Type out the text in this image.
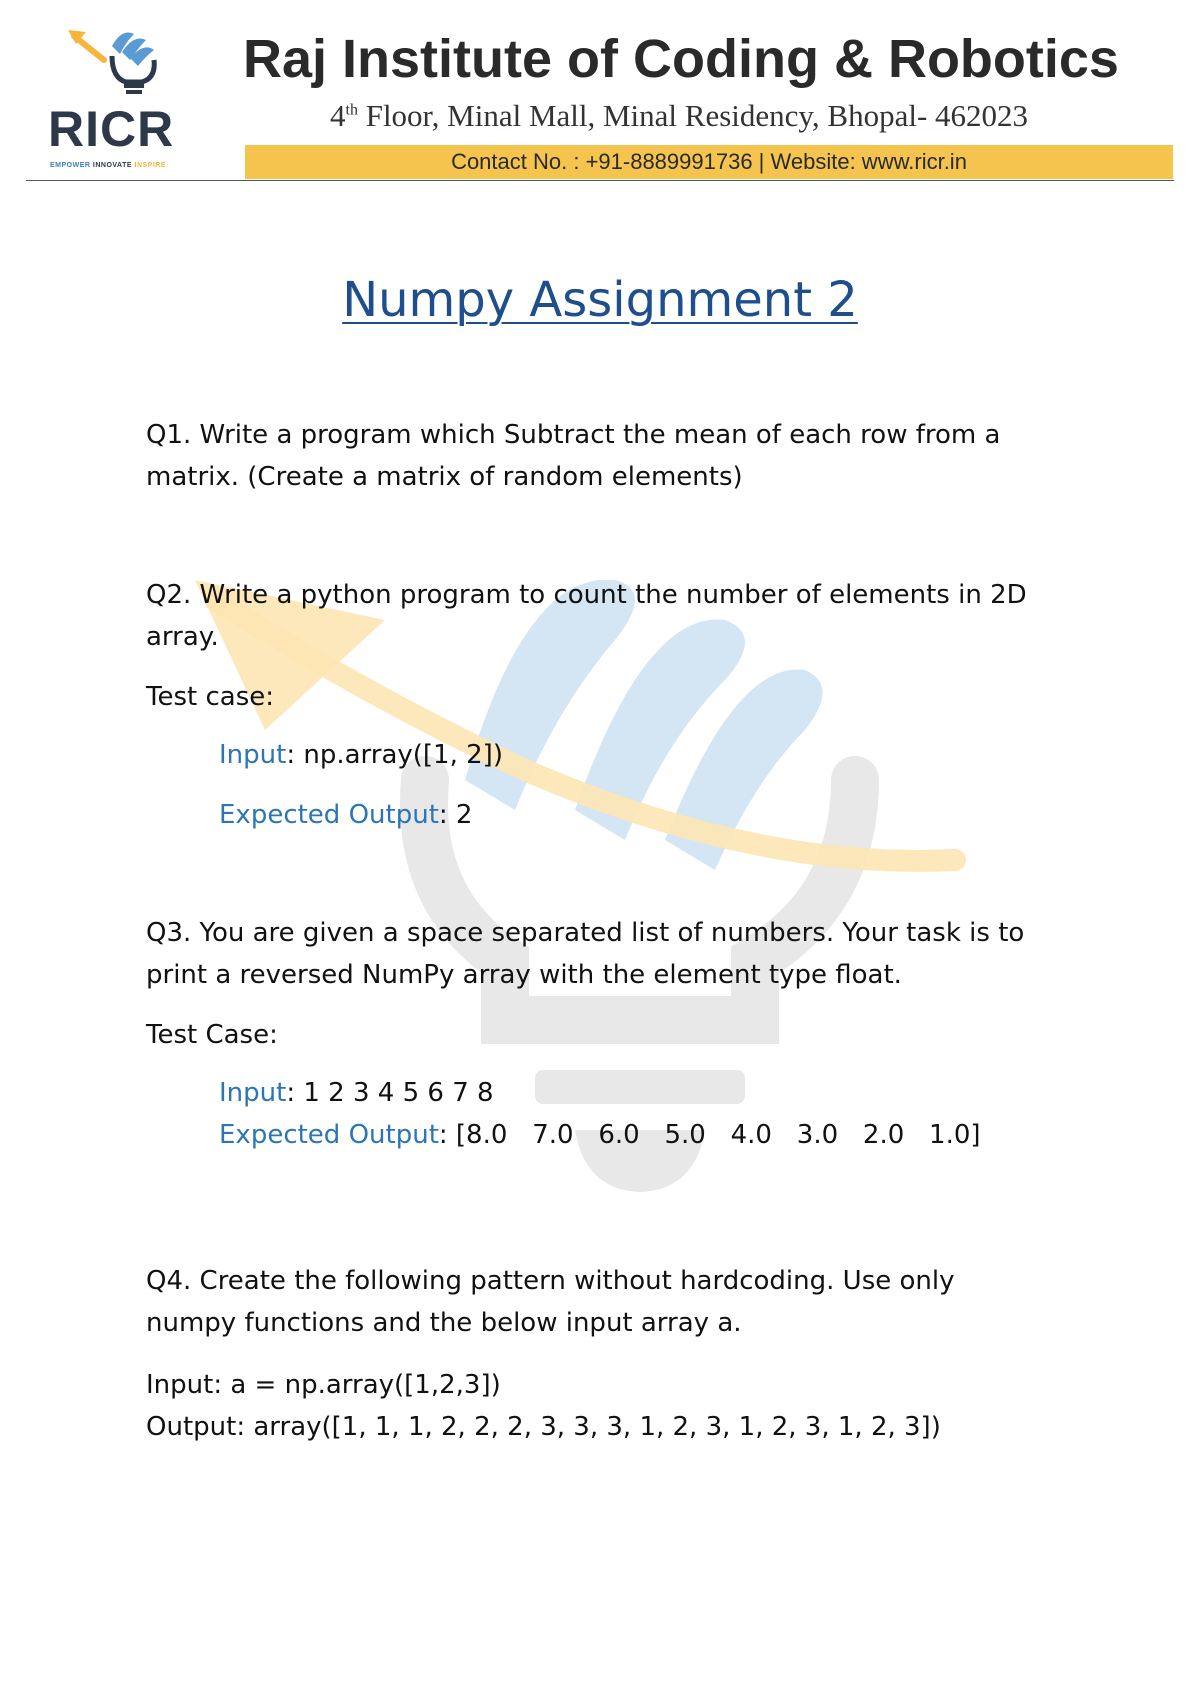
RICR
EMPOWER INNOVATE INSPIRE
Raj Institute of Coding & Robotics
4th Floor, Minal Mall, Minal Residency, Bhopal- 462023
Contact No. : +91-8889991736 | Website: www.ricr.in
Numpy Assignment 2
Q1. Write a program which Subtract the mean of each row from a
matrix. (Create a matrix of random elements)
Q2. Write a python program to count the number of elements in 2D
array.
Test case:
Input: np.array([1, 2])
Expected Output: 2
Q3. You are given a space separated list of numbers. Your task is to
print a reversed NumPy array with the element type float.
Test Case:
Input: 1 2 3 4 5 6 7 8
Expected Output: [8.0   7.0   6.0   5.0   4.0   3.0   2.0   1.0]
Q4. Create the following pattern without hardcoding. Use only
numpy functions and the below input array a.
Input: a = np.array([1,2,3])
Output: array([1, 1, 1, 2, 2, 2, 3, 3, 3, 1, 2, 3, 1, 2, 3, 1, 2, 3])
